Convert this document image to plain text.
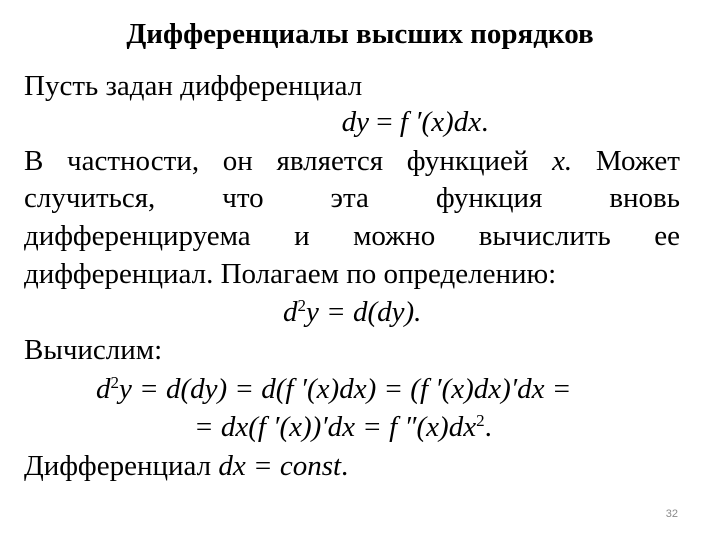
Дифференциалы высших порядков
Пусть задан дифференциал
dy = f ′(x)dx.
В частности, он является функцией x. Может
случиться, что эта функция вновь
дифференцируема и можно вычислить ее
дифференциал. Полагаем по определению:
$d^2y = d(dy)$.
Вычислим:
$d^2y = d(dy) = d(f$ ′(x)dx) = (f ′(x)dx)′dx =
= dx(f ′(x))′dx = f $''(x)dx^2$.
Дифференциал dx = const.
32
